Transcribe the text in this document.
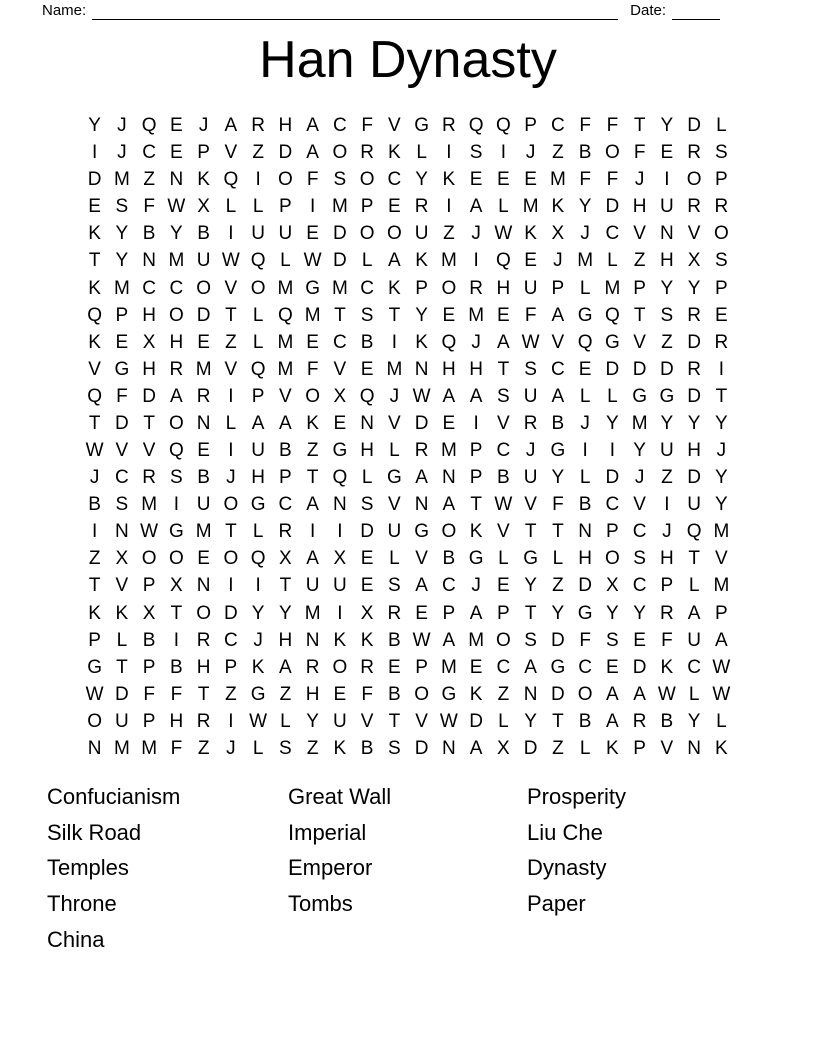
Name:	Date:
Han Dynasty
Y J Q E J A R H A C F V G R Q Q P C F F T Y D L
I	J C E P V Z D A O R K L	I S I	J Z B O F E R S
D M Z N K Q I O F S O C Y K E E E M F F J	I O P
E S F W X L L P I M P E R I A L M K Y D H U R R
K Y B Y B I U U E D O O U Z J W K X J C V N V O
T Y N M U W Q L W D L A K M I Q E J M L Z H X S
K M C C O V O M G M C K P O R H U P L M P Y Y P
Q P H O D T L Q M T S T Y E M E F A G Q T S R E
K E X H E Z L M E C B I K Q J A W V Q G V Z D R
V G H R M V Q M F V E M N H H T S C E D D D R I
Q F D A R I P V O X Q J W A A S U A L L G G D T
T D T O N L A A K E N V D E I V R B J Y M Y Y Y
W V V Q E I U B Z G H L R M P C J G I	I Y U H J
J C R S B J H P T Q L G A N P B U Y L D J Z D Y
B S M I U O G C A N S V N A T W V F B C V I U Y
I N W G M T L R I	I D U G O K V T T N P C J Q M
Z X O O E O Q X A X E L V B G L G L H O S H T V
T V P X N I	I T U U E S A C J E Y Z D X C P L M
K K X T O D Y Y M I X R E P A P T Y G Y Y R A P
P L B I R C J H N K K B W A M O S D F S E F U A
G T P B H P K A R O R E P M E C A G C E D K C W
W D F F T Z G Z H E F B O G K Z N D O A A W L W
O U P H R I W L Y U V T V W D L Y T B A R B Y L
N M M F Z J L S Z K B S D N A X D Z L K P V N K
Confucianism
Silk Road
Temples
Throne
China
Great Wall
Imperial
Emperor
Tombs
Prosperity
Liu Che
Dynasty
Paper
